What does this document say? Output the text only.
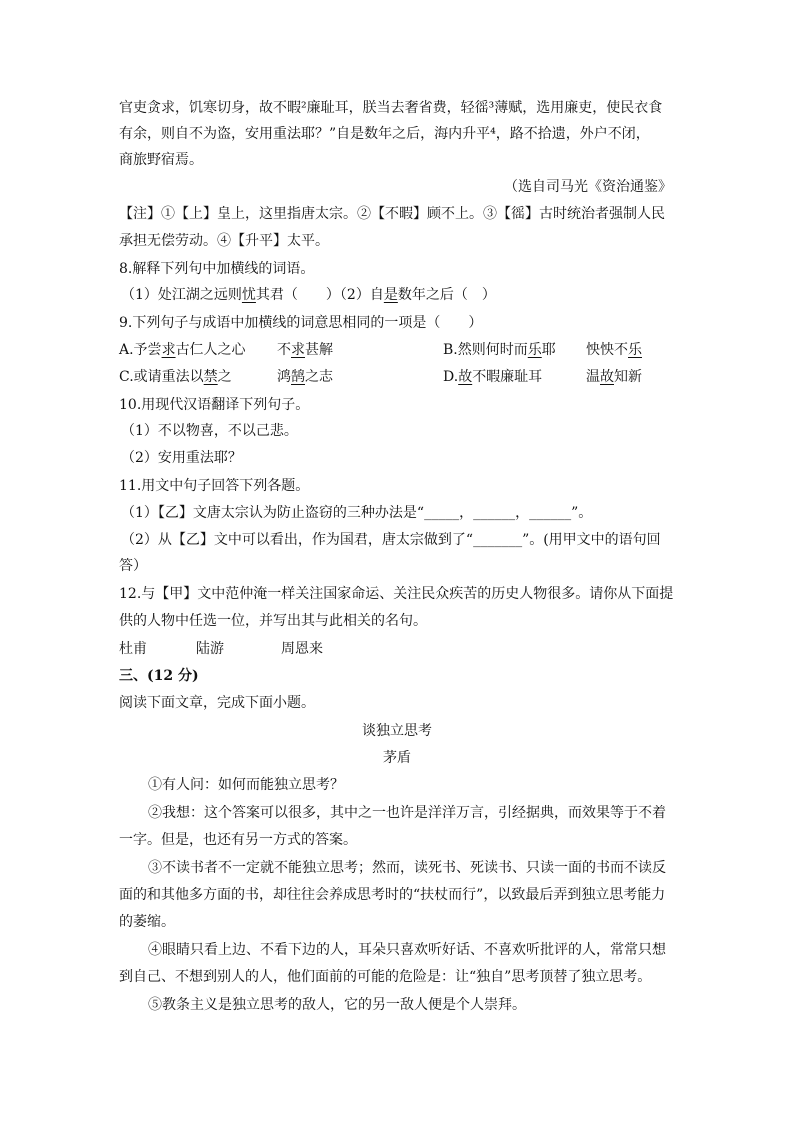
官吏贪求，饥寒切身，故不暇²廉耻耳，朕当去奢省费，轻徭³薄赋，选用廉吏，使民衣食
有余，则自不为盗，安用重法耶？”自是数年之后，海内升平⁴，路不拾遗，外户不闭，
商旅野宿焉。
（选自司马光《资治通鉴》
【注】①【上】皇上，这里指唐太宗。②【不暇】顾不上。③【徭】古时统治者强制人民
承担无偿劳动。④【升平】太平。
8.解释下列句中加横线的词语。
（1）处江湖之远则忧其君（　　）（2）自是数年之后（　）
9.下列句子与成语中加横线的词意思相同的一项是（　　）
A.予尝求古仁人之心 不求甚解	B.然则何时而乐耶 怏怏不乐
C.或请重法以禁之	鸿鹄之志	D.故不暇廉耻耳	温故知新
10.用现代汉语翻译下列句子。
（1）不以物喜，不以己悲。
（2）安用重法耶？
11.用文中句子回答下列各题。
（1）【乙】文唐太宗认为防止盗窃的三种办法是“_____，______，______”。
（2）从【乙】文中可以看出，作为国君，唐太宗做到了“_______”。(用甲文中的语句回
答）
12.与【甲】文中范仲淹一样关注国家命运、关注民众疾苦的历史人物很多。请你从下面提
供的人物中任选一位，并写出其与此相关的名句。
杜甫	陆游	周恩来
三、(12 分)
阅读下面文章，完成下面小题。
谈独立思考
茅盾
①有人问：如何而能独立思考？
②我想：这个答案可以很多，其中之一也许是洋洋万言，引经据典，而效果等于不着
一字。但是，也还有另一方式的答案。
③不读书者不一定就不能独立思考；然而，读死书、死读书、只读一面的书而不读反
面的和其他多方面的书，却往往会养成思考时的“扶杖而行”，以致最后弄到独立思考能力
的萎缩。
④眼睛只看上边、不看下边的人，耳朵只喜欢听好话、不喜欢听批评的人，常常只想
到自己、不想到别人的人，他们面前的可能的危险是：让“独自”思考顶替了独立思考。
⑤教条主义是独立思考的敌人，它的另一敌人便是个人崇拜。
